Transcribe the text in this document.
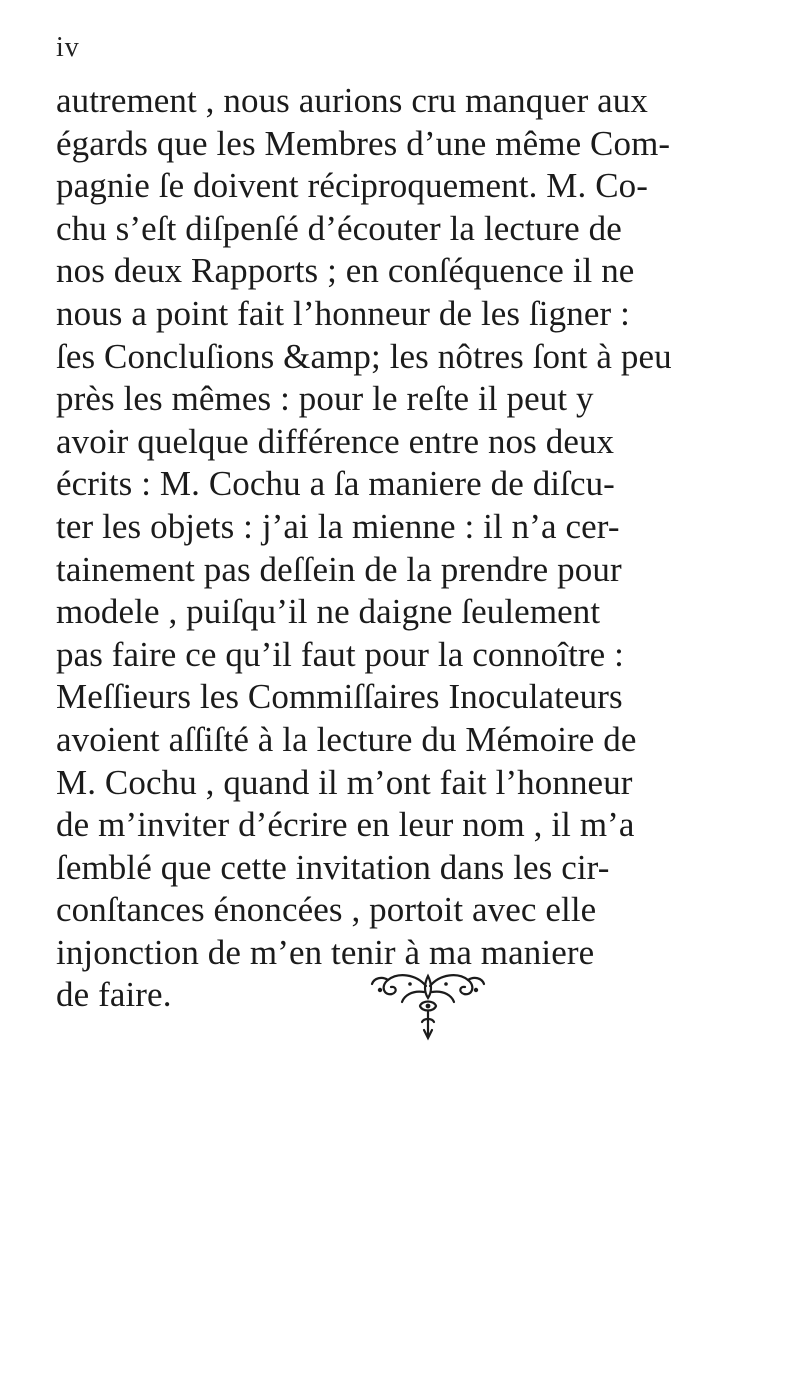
iv
autrement , nous aurions cru manquer aux
égards que les Membres d’une même Com-
pagnie ſe doivent réciproquement. M. Co-
chu s’eſt diſpenſé d’écouter la lecture de
nos deux Rapports ; en conſéquence il ne
nous a point fait l’honneur de les ſigner :
ſes Concluſions &amp; les nôtres ſont à peu
près les mêmes : pour le reſte il peut y
avoir quelque différence entre nos deux
écrits : M. Cochu a ſa maniere de diſcu-
ter les objets : j’ai la mienne : il n’a cer-
tainement pas deſſein de la prendre pour
modele , puiſqu’il ne daigne ſeulement
pas faire ce qu’il faut pour la connoître :
Meſſieurs les Commiſſaires Inoculateurs
avoient aſſiſté à la lecture du Mémoire de
M. Cochu , quand il m’ont fait l’honneur
de m’inviter d’écrire en leur nom , il m’a
ſemblé que cette invitation dans les cir-
conſtances énoncées , portoit avec elle
injonction de m’en tenir à ma maniere
de faire.
